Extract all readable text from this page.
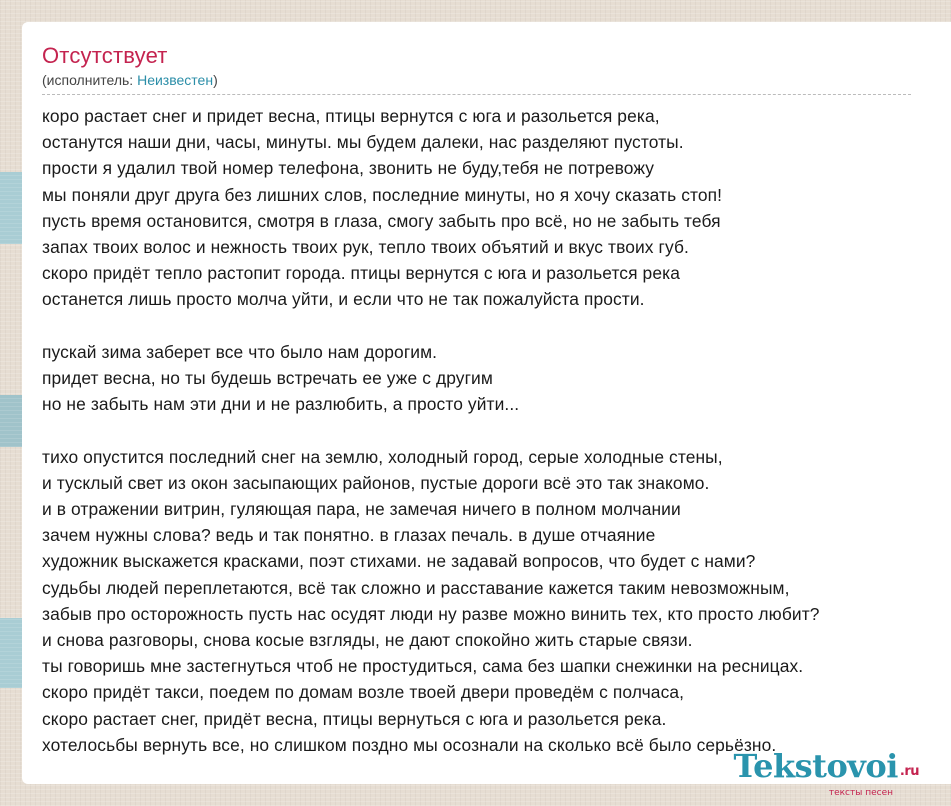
Отсутствует
(исполнитель: Неизвестен)
коро растает снег и придет весна, птицы вернутся с юга и разольется река,
останутся наши дни, часы, минуты. мы будем далеки, нас разделяют пустоты.
прости я удалил твой номер телефона, звонить не буду,тебя не потревожу
мы поняли друг друга без лишних слов, последние минуты, но я хочу сказать стоп!
пусть время остановится, смотря в глаза, смогу забыть про всё, но не забыть тебя
запах твоих волос и нежность твоих рук, тепло твоих объятий и вкус твоих губ.
скоро придёт тепло растопит города. птицы вернутся с юга и разольется река
останется лишь просто молча уйти, и если что не так пожалуйста прости.
пускай зима заберет все что было нам дорогим.
придет весна, но ты будешь встречать ее уже с другим
но не забыть нам эти дни и не разлюбить, а просто уйти...
тихо опустится последний снег на землю, холодный город, серые холодные стены,
и тусклый свет из окон засыпающих районов, пустые дороги всё это так знакомо.
и в отражении витрин, гуляющая пара, не замечая ничего в полном молчании
зачем нужны слова? ведь и так понятно. в глазах печаль. в душе отчаяние
художник выскажется красками, поэт стихами. не задавай вопросов, что будет с нами?
судьбы людей переплетаются, всё так сложно и расставание кажется таким невозможным,
забыв про осторожность пусть нас осудят люди ну разве можно винить тех, кто просто любит?
и снова разговоры, снова косые взгляды, не дают спокойно жить старые связи.
ты говоришь мне застегнуться чтоб не простудиться, сама без шапки снежинки на ресницах.
скоро придёт такси, поедем по домам возле твоей двери проведём с полчаса,
скоро растает снег, придёт весна, птицы вернуться с юга и разольется река.
хотелосьбы вернуть все, но слишком поздно мы осознали на сколько всё было серьёзно.
Tekstovoi .ru
тексты песен
